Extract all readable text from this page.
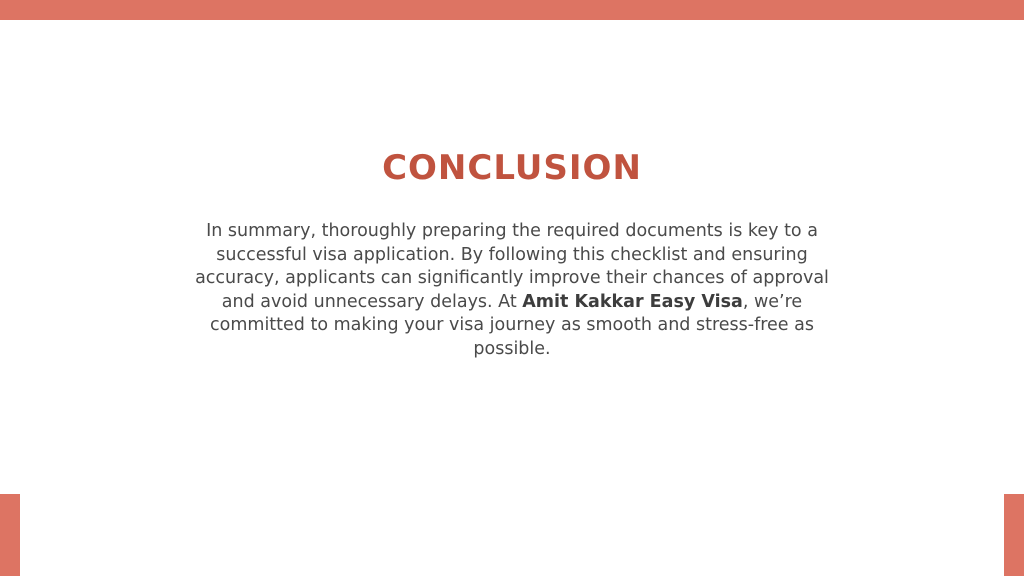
CONCLUSION

In summary, thoroughly preparing the required documents is key to a successful visa application. By following this checklist and ensuring accuracy, applicants can significantly improve their chances of approval and avoid unnecessary delays. At Amit Kakkar Easy Visa, we’re committed to making your visa journey as smooth and stress-free as possible.
